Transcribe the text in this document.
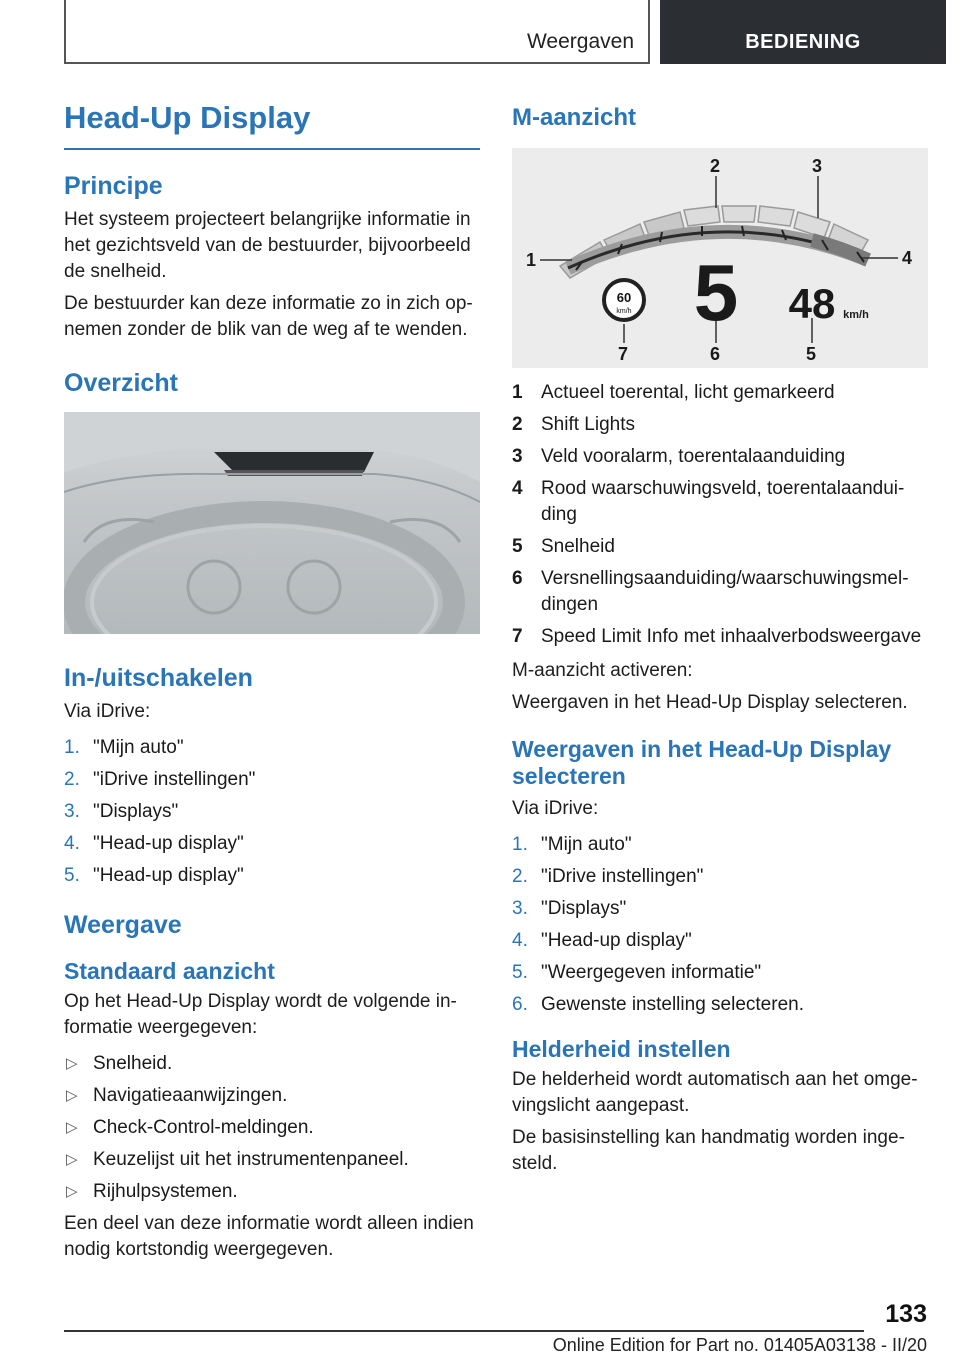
Weergaven	BEDIENING
Head-Up Display
Principe

Het systeem projecteert belangrijke informatie in het gezichtsveld van de bestuurder, bijvoorbeeld de snelheid.

De bestuurder kan deze informatie zo in zich op-nemen zonder de blik van de weg af te wenden.

Overzicht
In-/uitschakelen

Via iDrive:

1. "Mijn auto"
2. "iDrive instellingen"
3. "Displays"
4. "Head-up display"
5. "Head-up display"
Weergave
Standaard aanzicht

Op het Head-Up Display wordt de volgende in-formatie weergegeven:

▷ Snelheid.
▷ Navigatieaanwijzingen.
▷ Check-Control-meldingen.
▷ Keuzelijst uit het instrumentenpaneel.
▷ Rijhulpsystemen.

Een deel van deze informatie wordt alleen indien nodig kortstondig weergegeven.

M-aanzicht
60
km/h 5 48 km/h
1
2	3
4
5
6
7
1 Actueel toerental, licht gemarkeerd
2 Shift Lights
3 Veld vooralarm, toerentalaanduiding
4 Rood waarschuwingsveld, toerentalaandui-ding
5 Snelheid
6 Versnellingsaanduiding/waarschuwingsmel-dingen
7 Speed Limit Info met inhaalverbodsweergave

M-aanzicht activeren:

Weergaven in het Head-Up Display selecteren.

Weergaven in het Head-Up Display selecteren

Via iDrive:

1. "Mijn auto"
2. "iDrive instellingen"
3. "Displays"
4. "Head-up display"
5. "Weergegeven informatie"
6. Gewenste instelling selecteren.
Helderheid instellen

De helderheid wordt automatisch aan het omge-vingslicht aangepast.

De basisinstelling kan handmatig worden inge-steld.

133
Online Edition for Part no. 01405A03138 - II/20
